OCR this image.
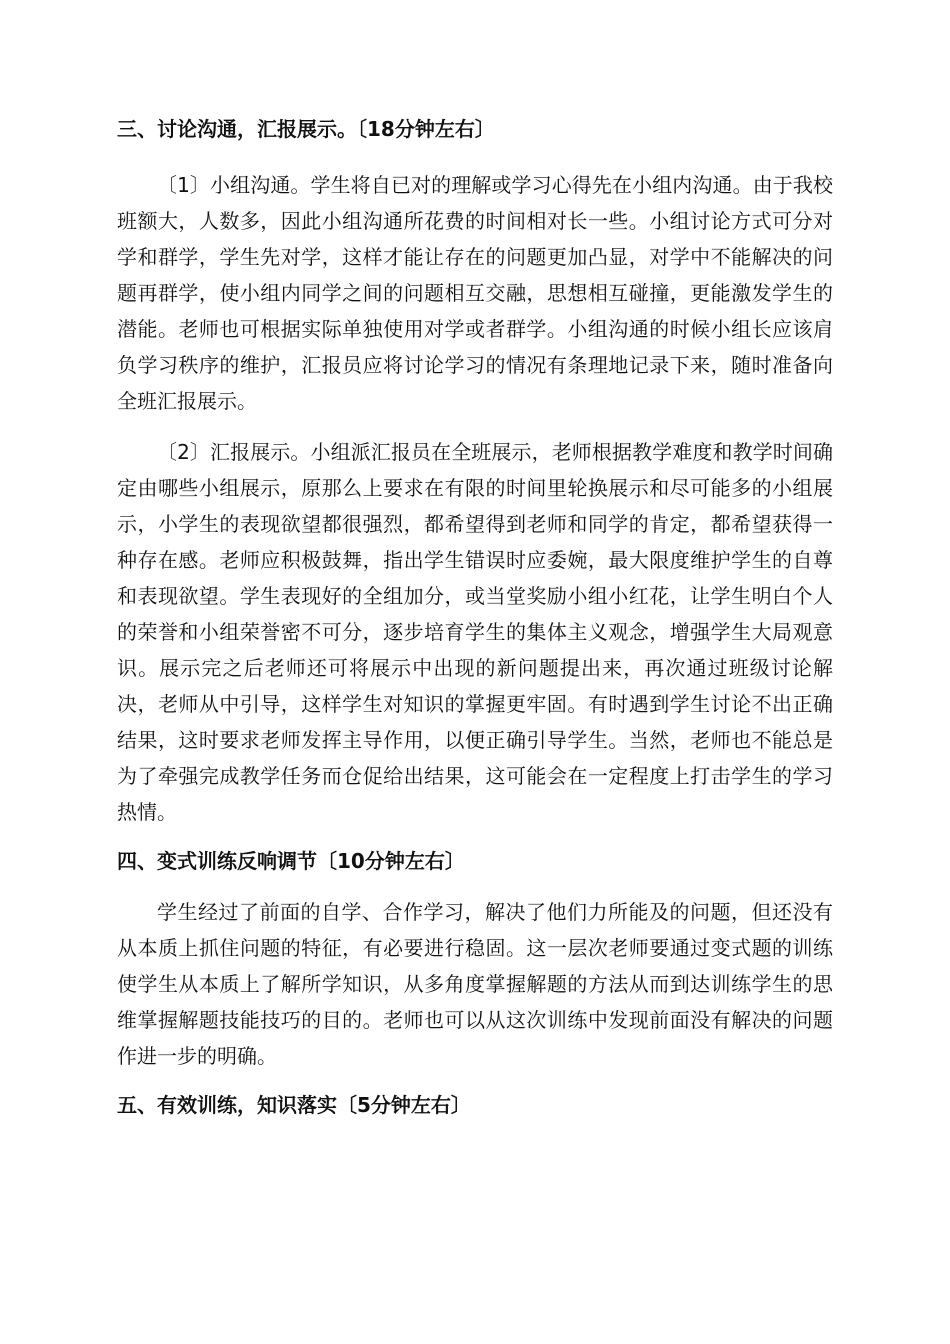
三、讨论沟通，汇报展示。〔18分钟左右〕

〔1〕小组沟通。学生将自已对的理解或学习心得先在小组内沟通。由于我校班额大，人数多，因此小组沟通所花费的时间相对长一些。小组讨论方式可分对学和群学，学生先对学，这样才能让存在的问题更加凸显，对学中不能解决的问题再群学，使小组内同学之间的问题相互交融，思想相互碰撞，更能激发学生的潜能。老师也可根据实际单独使用对学或者群学。小组沟通的时候小组长应该肩负学习秩序的维护，汇报员应将讨论学习的情况有条理地记录下来，随时准备向全班汇报展示。

〔2〕汇报展示。小组派汇报员在全班展示，老师根据教学难度和教学时间确定由哪些小组展示，原那么上要求在有限的时间里轮换展示和尽可能多的小组展示，小学生的表现欲望都很强烈，都希望得到老师和同学的肯定，都希望获得一种存在感。老师应积极鼓舞，指出学生错误时应委婉，最大限度维护学生的自尊和表现欲望。学生表现好的全组加分，或当堂奖励小组小红花，让学生明白个人的荣誉和小组荣誉密不可分，逐步培育学生的集体主义观念，增强学生大局观意识。展示完之后老师还可将展示中出现的新问题提出来，再次通过班级讨论解决，老师从中引导，这样学生对知识的掌握更牢固。有时遇到学生讨论不出正确结果，这时要求老师发挥主导作用，以便正确引导学生。当然，老师也不能总是为了牵强完成教学任务而仓促给出结果，这可能会在一定程度上打击学生的学习热情。

四、变式训练反响调节〔10分钟左右〕

学生经过了前面的自学、合作学习，解决了他们力所能及的问题，但还没有从本质上抓住问题的特征，有必要进行稳固。这一层次老师要通过变式题的训练使学生从本质上了解所学知识，从多角度掌握解题的方法从而到达训练学生的思维掌握解题技能技巧的目的。老师也可以从这次训练中发现前面没有解决的问题作进一步的明确。

五、有效训练，知识落实〔5分钟左右〕
